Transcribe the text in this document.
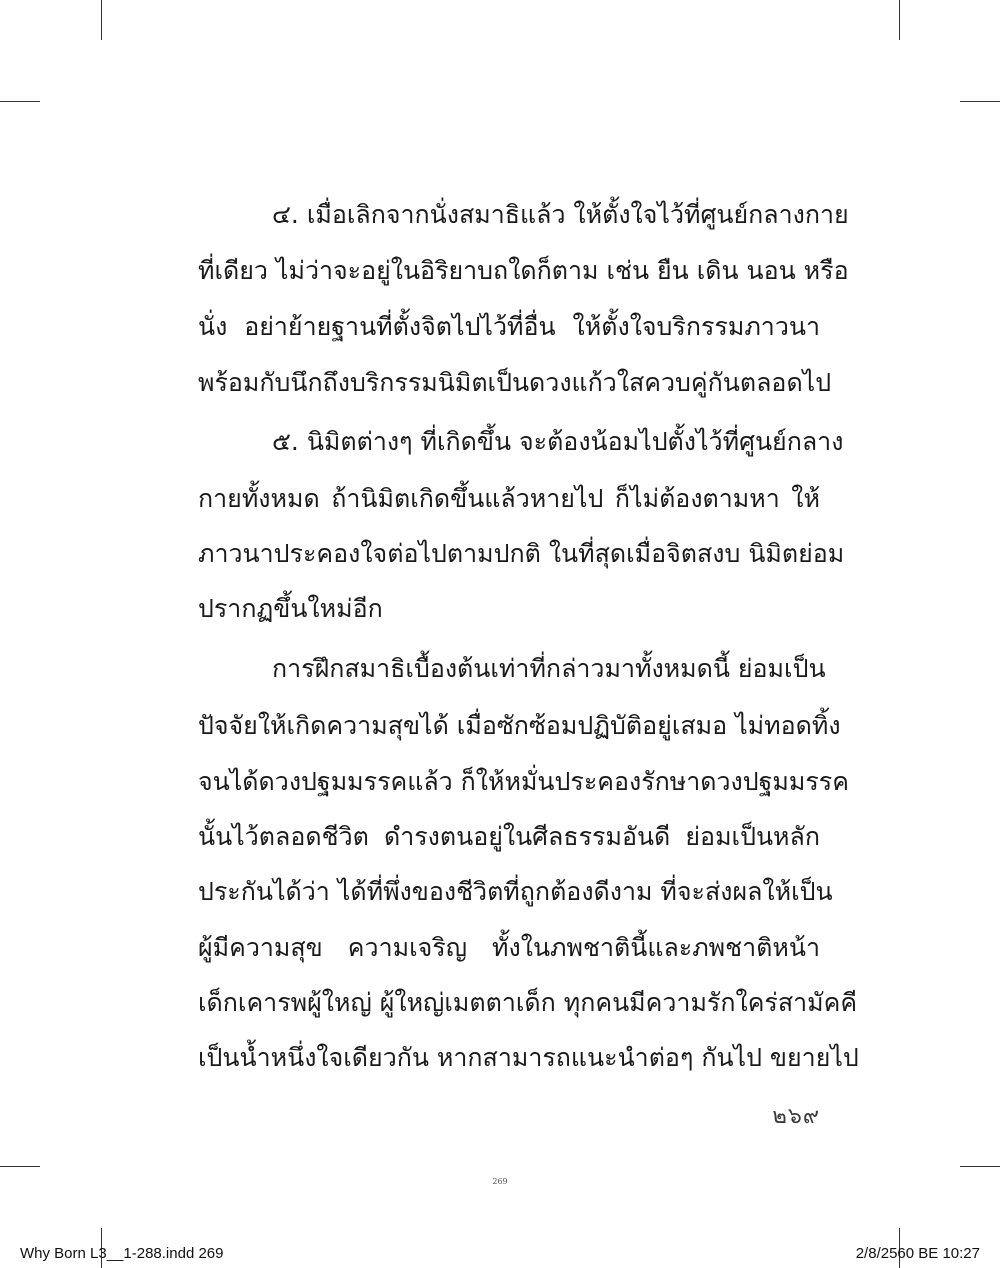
๔. เมื่อเลิกจากนั่งสมาธิแล้ว ให้ตั้งใจไว้ที่ศูนย์กลางกาย
ที่เดียว ไม่ว่าจะอยู่ในอิริยาบถใดก็ตาม เช่น ยืน เดิน นอน หรือ
นั่ง อย่าย้ายฐานที่ตั้งจิตไปไว้ที่อื่น ให้ตั้งใจบริกรรมภาวนา
พร้อมกับนึกถึงบริกรรมนิมิตเป็นดวงแก้วใสควบคู่กันตลอดไป
๕. นิมิตต่างๆ ที่เกิดขึ้น จะต้องน้อมไปตั้งไว้ที่ศูนย์กลาง
กายทั้งหมด ถ้านิมิตเกิดขึ้นแล้วหายไป ก็ไม่ต้องตามหา ให้
ภาวนาประคองใจต่อไปตามปกติ ในที่สุดเมื่อจิตสงบ นิมิตย่อม
ปรากฏขึ้นใหม่อีก
การฝึกสมาธิเบื้องต้นเท่าที่กล่าวมาทั้งหมดนี้ ย่อมเป็น
ปัจจัยให้เกิดความสุขได้ เมื่อซักซ้อมปฏิบัติอยู่เสมอ ไม่ทอดทิ้ง
จนได้ดวงปฐมมรรคแล้ว ก็ให้หมั่นประคองรักษาดวงปฐมมรรค
นั้นไว้ตลอดชีวิต ดำรงตนอยู่ในศีลธรรมอันดี ย่อมเป็นหลัก
ประกันได้ว่า ได้ที่พึ่งของชีวิตที่ถูกต้องดีงาม ที่จะส่งผลให้เป็น
ผู้มีความสุข ความเจริญ ทั้งในภพชาตินี้และภพชาติหน้า
เด็กเคารพผู้ใหญ่ ผู้ใหญ่เมตตาเด็ก ทุกคนมีความรักใคร่สามัคคี
เป็นน้ำหนึ่งใจเดียวกัน หากสามารถแนะนำต่อๆ กันไป ขยายไป
๒๖๙
269
Why Born L3__1-288.indd 269	2/8/2560 BE 10:27
